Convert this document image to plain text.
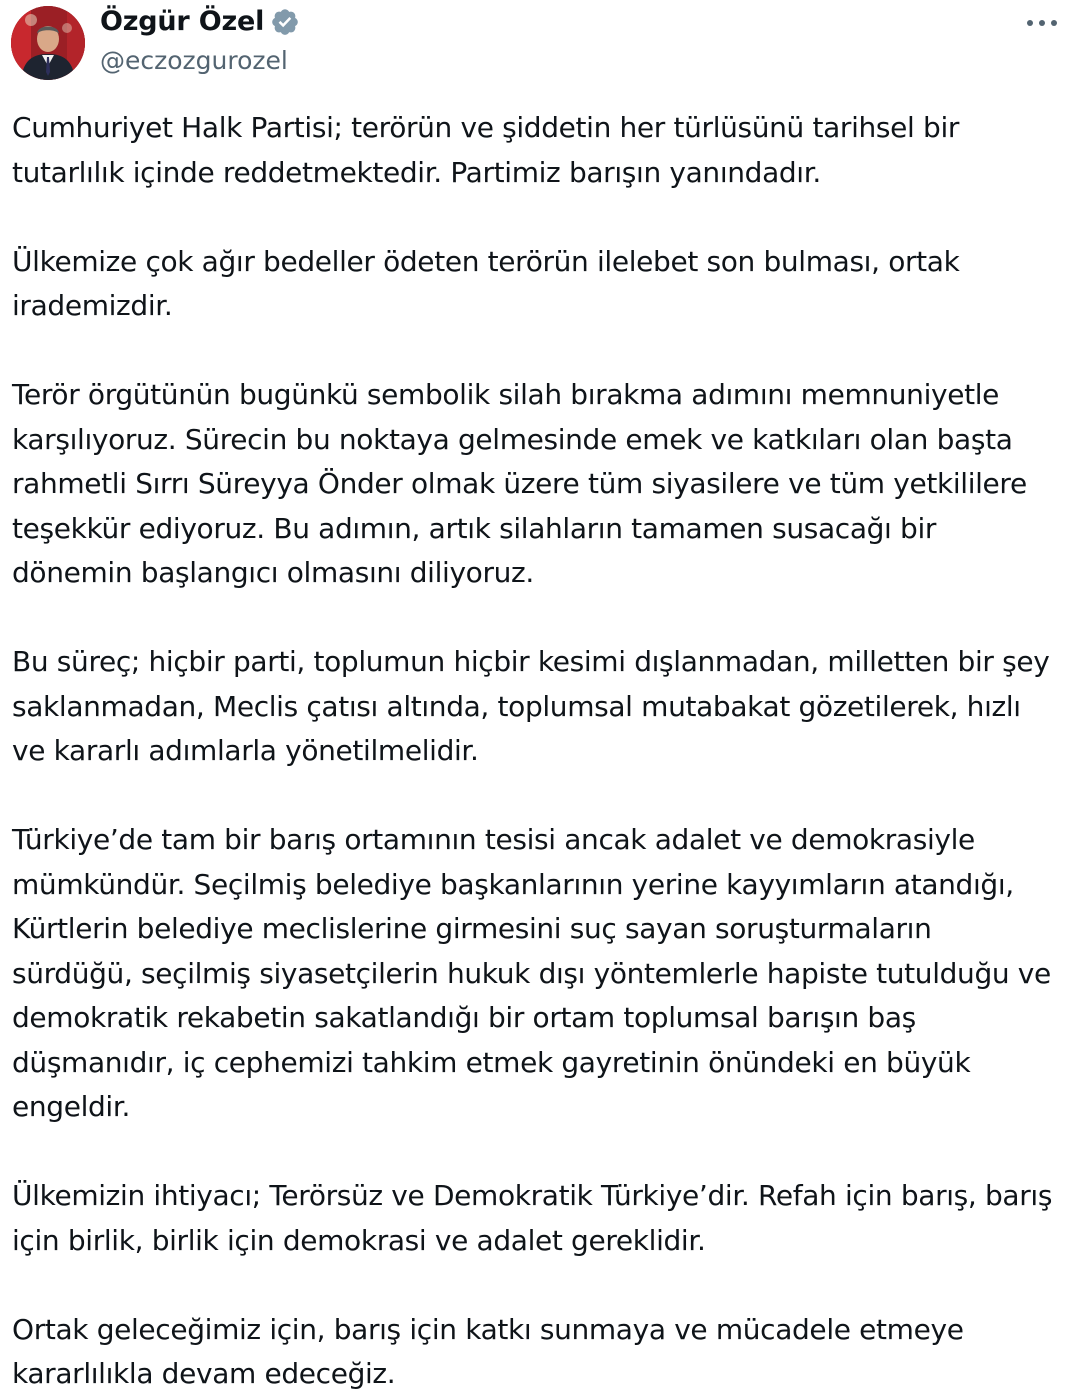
Özgür Özel
@eczozgurozel

Cumhuriyet Halk Partisi; terörün ve şiddetin her türlüsünü tarihsel bir
tutarlılık içinde reddetmektedir. Partimiz barışın yanındadır.

Ülkemize çok ağır bedeller ödeten terörün ilelebet son bulması, ortak
irademizdir.

Terör örgütünün bugünkü sembolik silah bırakma adımını memnuniyetle
karşılıyoruz. Sürecin bu noktaya gelmesinde emek ve katkıları olan başta
rahmetli Sırrı Süreyya Önder olmak üzere tüm siyasilere ve tüm yetkililere
teşekkür ediyoruz. Bu adımın, artık silahların tamamen susacağı bir
dönemin başlangıcı olmasını diliyoruz.

Bu süreç; hiçbir parti, toplumun hiçbir kesimi dışlanmadan, milletten bir şey
saklanmadan, Meclis çatısı altında, toplumsal mutabakat gözetilerek, hızlı
ve kararlı adımlarla yönetilmelidir.

Türkiye’de tam bir barış ortamının tesisi ancak adalet ve demokrasiyle
mümkündür. Seçilmiş belediye başkanlarının yerine kayyımların atandığı,
Kürtlerin belediye meclislerine girmesini suç sayan soruşturmaların
sürdüğü, seçilmiş siyasetçilerin hukuk dışı yöntemlerle hapiste tutulduğu ve
demokratik rekabetin sakatlandığı bir ortam toplumsal barışın baş
düşmanıdır, iç cephemizi tahkim etmek gayretinin önündeki en büyük
engeldir.

Ülkemizin ihtiyacı; Terörsüz ve Demokratik Türkiye’dir. Refah için barış, barış
için birlik, birlik için demokrasi ve adalet gereklidir.

Ortak geleceğimiz için, barış için katkı sunmaya ve mücadele etmeye
kararlılıkla devam edeceğiz.
